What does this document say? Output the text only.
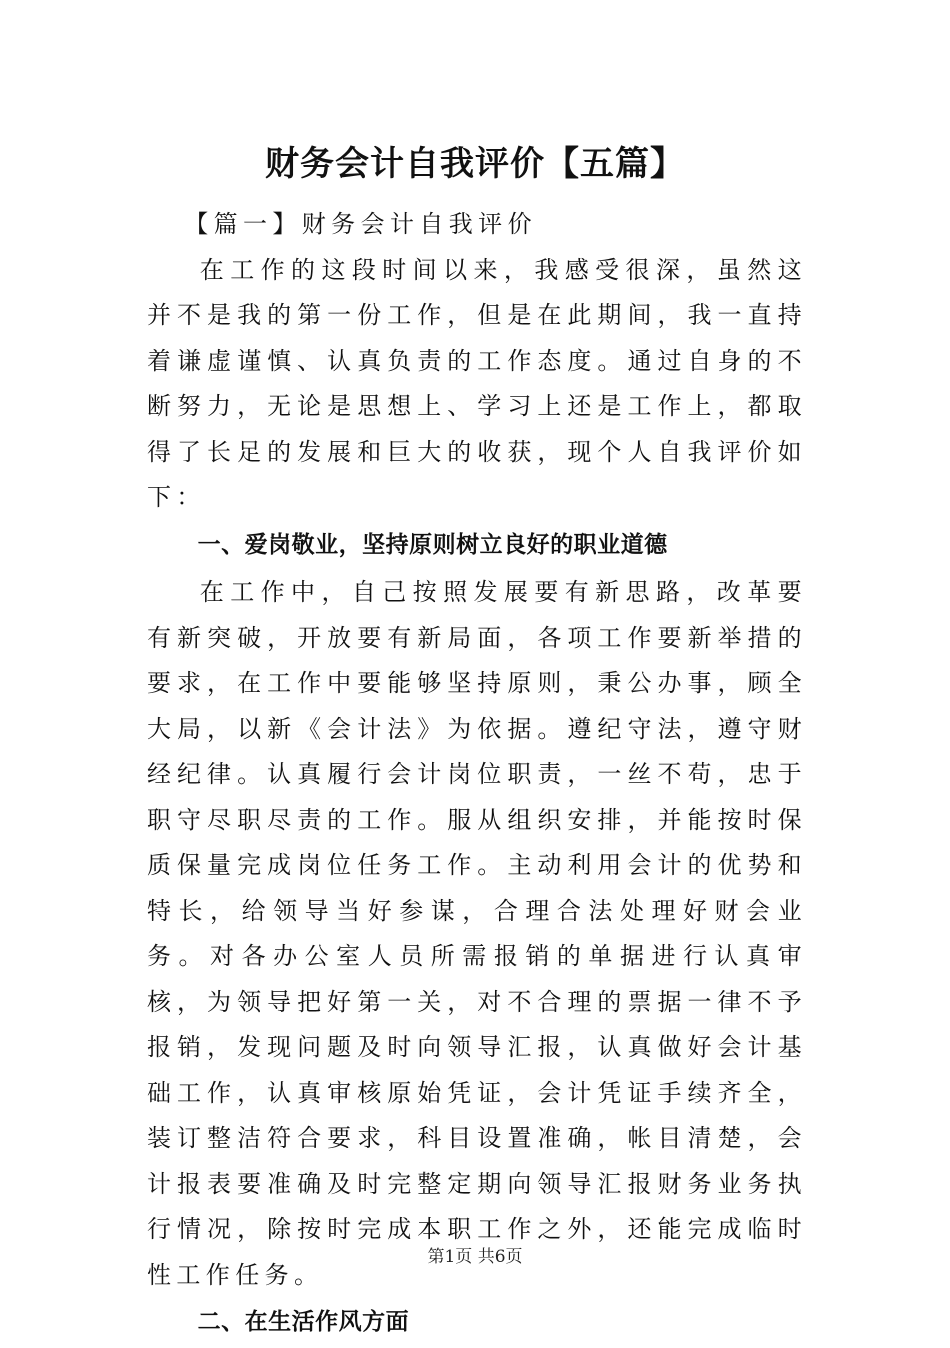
财务会计自我评价【五篇】

【篇一】财务会计自我评价

在工作的这段时间以来，我感受很深，虽然这并不是我的第一份工作，但是在此期间，我一直持着谦虚谨慎、认真负责的工作态度。通过自身的不断努力，无论是思想上、学习上还是工作上，都取得了长足的发展和巨大的收获，现个人自我评价如下：

一、爱岗敬业，坚持原则树立良好的职业道德

在工作中，自己按照发展要有新思路，改革要有新突破，开放要有新局面，各项工作要新举措的要求，在工作中要能够坚持原则，秉公办事，顾全大局，以新《会计法》为依据。遵纪守法，遵守财经纪律。认真履行会计岗位职责，一丝不苟，忠于职守尽职尽责的工作。服从组织安排，并能按时保质保量完成岗位任务工作。主动利用会计的优势和特长，给领导当好参谋，合理合法处理好财会业务。对各办公室人员所需报销的单据进行认真审核，为领导把好第一关，对不合理的票据一律不予报销，发现问题及时向领导汇报，认真做好会计基础工作，认真审核原始凭证，会计凭证手续齐全，装订整洁符合要求，科目设置准确，帐目清楚，会计报表要准确及时完整定期向领导汇报财务业务执行情况，除按时完成本职工作之外，还能完成临时性工作任务。

二、在生活作风方面

第1页 共6页
